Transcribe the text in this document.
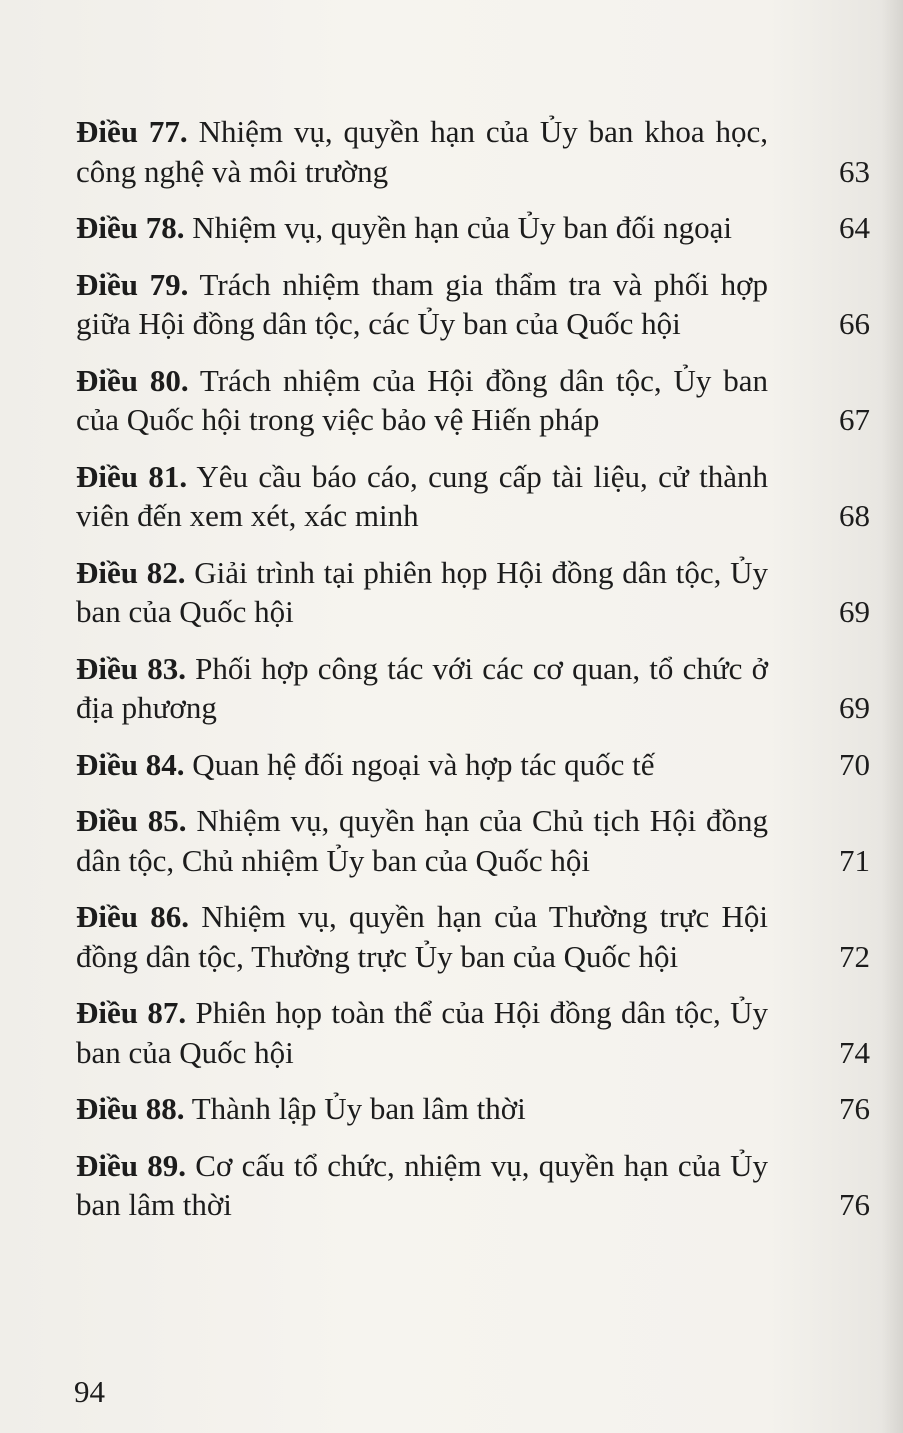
Điều 77. Nhiệm vụ, quyền hạn của Ủy ban khoa học, công nghệ và môi trường	63
Điều 78. Nhiệm vụ, quyền hạn của Ủy ban đối ngoại	64
Điều 79. Trách nhiệm tham gia thẩm tra và phối hợp giữa Hội đồng dân tộc, các Ủy ban của Quốc hội	66
Điều 80. Trách nhiệm của Hội đồng dân tộc, Ủy ban của Quốc hội trong việc bảo vệ Hiến pháp	67
Điều 81. Yêu cầu báo cáo, cung cấp tài liệu, cử thành viên đến xem xét, xác minh	68
Điều 82. Giải trình tại phiên họp Hội đồng dân tộc, Ủy ban của Quốc hội	69
Điều 83. Phối hợp công tác với các cơ quan, tổ chức ở địa phương	69
Điều 84. Quan hệ đối ngoại và hợp tác quốc tế	70
Điều 85. Nhiệm vụ, quyền hạn của Chủ tịch Hội đồng dân tộc, Chủ nhiệm Ủy ban của Quốc hội	71
Điều 86. Nhiệm vụ, quyền hạn của Thường trực Hội đồng dân tộc, Thường trực Ủy ban của Quốc hội	72
Điều 87. Phiên họp toàn thể của Hội đồng dân tộc, Ủy ban của Quốc hội	74
Điều 88. Thành lập Ủy ban lâm thời	76
Điều 89. Cơ cấu tổ chức, nhiệm vụ, quyền hạn của Ủy ban lâm thời	76
94
